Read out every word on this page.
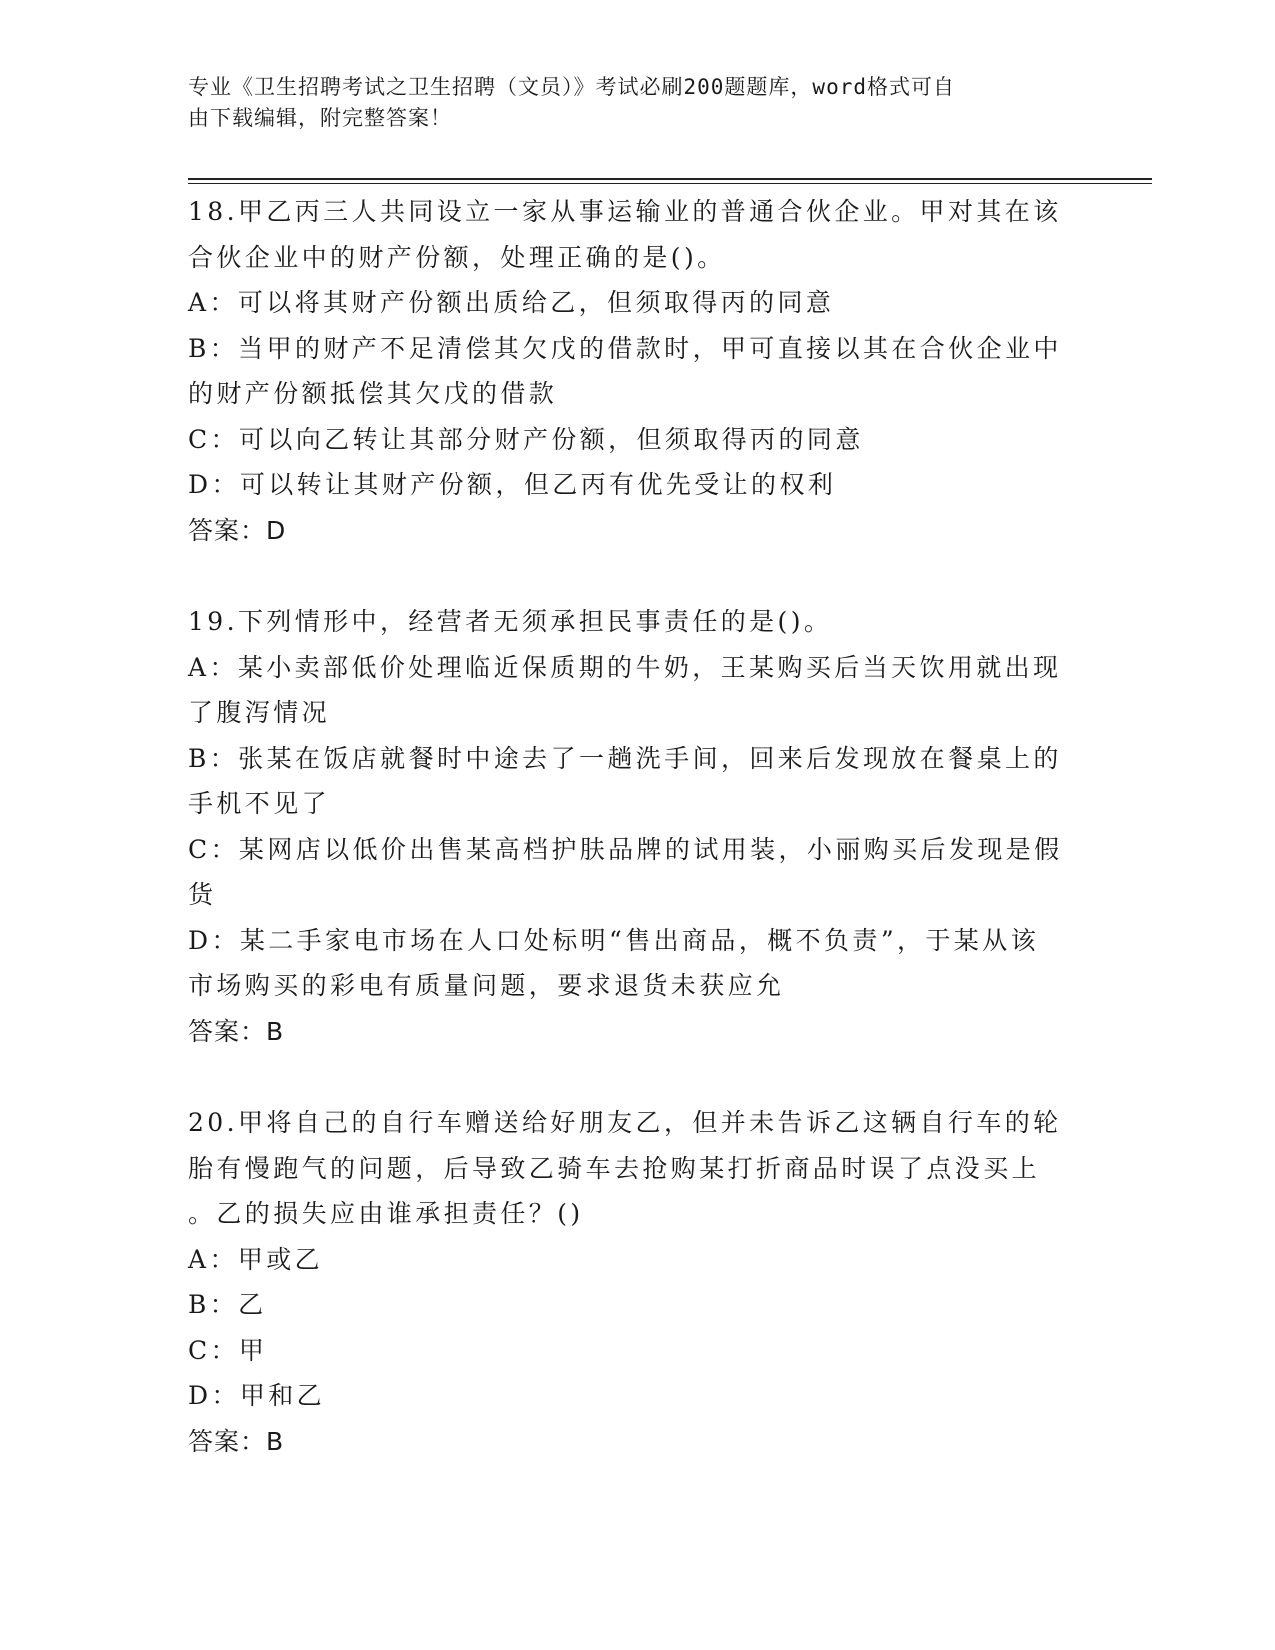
专业《卫生招聘考试之卫生招聘（文员）》考试必刷200题题库，word格式可自
由下载编辑，附完整答案！

18.甲乙丙三人共同设立一家从事运输业的普通合伙企业。甲对其在该

合伙企业中的财产份额，处理正确的是()。

A：可以将其财产份额出质给乙，但须取得丙的同意

B：当甲的财产不足清偿其欠戊的借款时，甲可直接以其在合伙企业中

的财产份额抵偿其欠戊的借款

C：可以向乙转让其部分财产份额，但须取得丙的同意

D：可以转让其财产份额，但乙丙有优先受让的权利

答案：D

19.下列情形中，经营者无须承担民事责任的是()。

A：某小卖部低价处理临近保质期的牛奶，王某购买后当天饮用就出现

了腹泻情况

B：张某在饭店就餐时中途去了一趟洗手间，回来后发现放在餐桌上的

手机不见了

C：某网店以低价出售某高档护肤品牌的试用装，小丽购买后发现是假

货

D：某二手家电市场在人口处标明“售出商品，概不负责”，于某从该

市场购买的彩电有质量问题，要求退货未获应允

答案：B

20.甲将自己的自行车赠送给好朋友乙，但并未告诉乙这辆自行车的轮

胎有慢跑气的问题，后导致乙骑车去抢购某打折商品时误了点没买上

。乙的损失应由谁承担责任？()

A：甲或乙

B：乙

C：甲

D：甲和乙

答案：B
